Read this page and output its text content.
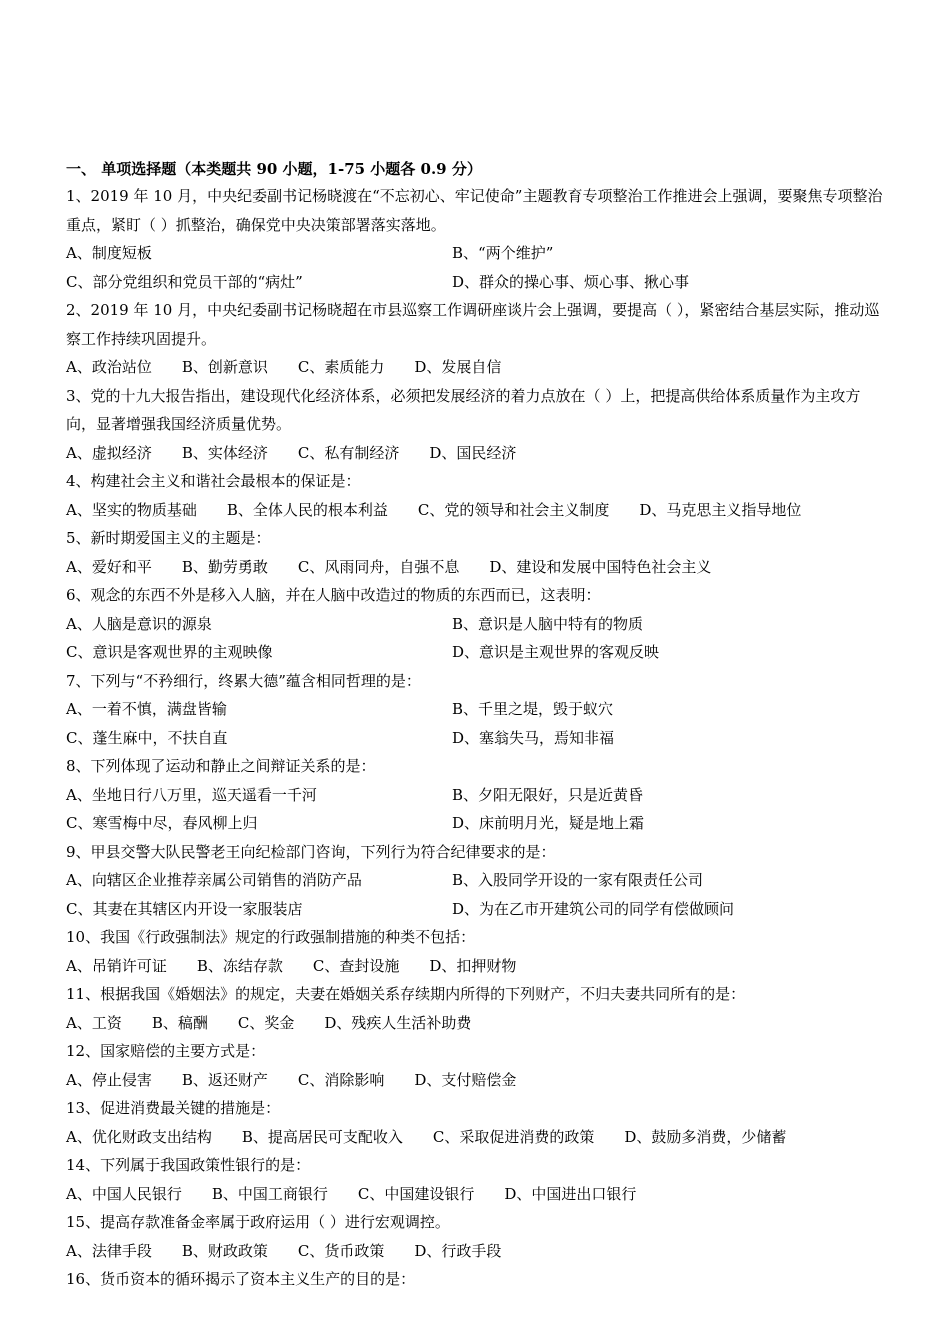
一、 单项选择题（本类题共 90 小题，1-75 小题各 0.9 分）
1、2019 年 10 月，中央纪委副书记杨晓渡在“不忘初心、牢记使命”主题教育专项整治工作推进会上强调，要聚焦专项整治重点，紧盯（ ）抓整治，确保党中央决策部署落实落地。
A、制度短板	B、“两个维护”
C、部分党组织和党员干部的“病灶”	D、群众的操心事、烦心事、揪心事
2、2019 年 10 月，中央纪委副书记杨晓超在市县巡察工作调研座谈片会上强调，要提高（ ），紧密结合基层实际，推动巡察工作持续巩固提升。
A、政治站位 B、创新意识 C、素质能力 D、发展自信
3、党的十九大报告指出，建设现代化经济体系，必须把发展经济的着力点放在（ ）上，把提高供给体系质量作为主攻方向，显著增强我国经济质量优势。
A、虚拟经济 B、实体经济 C、私有制经济 D、国民经济
4、构建社会主义和谐社会最根本的保证是：
A、坚实的物质基础 B、全体人民的根本利益 C、党的领导和社会主义制度 D、马克思主义指导地位
5、新时期爱国主义的主题是：
A、爱好和平 B、勤劳勇敢 C、风雨同舟，自强不息 D、建设和发展中国特色社会主义
6、观念的东西不外是移入人脑，并在人脑中改造过的物质的东西而已，这表明：
A、人脑是意识的源泉	B、意识是人脑中特有的物质
C、意识是客观世界的主观映像	D、意识是主观世界的客观反映
7、下列与“不矜细行，终累大德”蕴含相同哲理的是：
A、一着不慎，满盘皆输	B、千里之堤，毁于蚁穴
C、蓬生麻中，不扶自直	D、塞翁失马，焉知非福
8、下列体现了运动和静止之间辩证关系的是：
A、坐地日行八万里，巡天遥看一千河	B、夕阳无限好，只是近黄昏
C、寒雪梅中尽，春风柳上归	D、床前明月光，疑是地上霜
9、甲县交警大队民警老王向纪检部门咨询，下列行为符合纪律要求的是：
A、向辖区企业推荐亲属公司销售的消防产品	B、入股同学开设的一家有限责任公司
C、其妻在其辖区内开设一家服装店	D、为在乙市开建筑公司的同学有偿做顾问
10、我国《行政强制法》规定的行政强制措施的种类不包括：
A、吊销许可证 B、冻结存款 C、查封设施 D、扣押财物
11、根据我国《婚姻法》的规定，夫妻在婚姻关系存续期内所得的下列财产，不归夫妻共同所有的是：
A、工资 B、稿酬 C、奖金 D、残疾人生活补助费
12、国家赔偿的主要方式是：
A、停止侵害 B、返还财产 C、消除影响 D、支付赔偿金
13、促进消费最关键的措施是：
A、优化财政支出结构 B、提高居民可支配收入 C、采取促进消费的政策 D、鼓励多消费，少储蓄
14、下列属于我国政策性银行的是：
A、中国人民银行 B、中国工商银行 C、中国建设银行 D、中国进出口银行
15、提高存款准备金率属于政府运用（ ）进行宏观调控。
A、法律手段 B、财政政策 C、货币政策 D、行政手段
16、货币资本的循环揭示了资本主义生产的目的是：
